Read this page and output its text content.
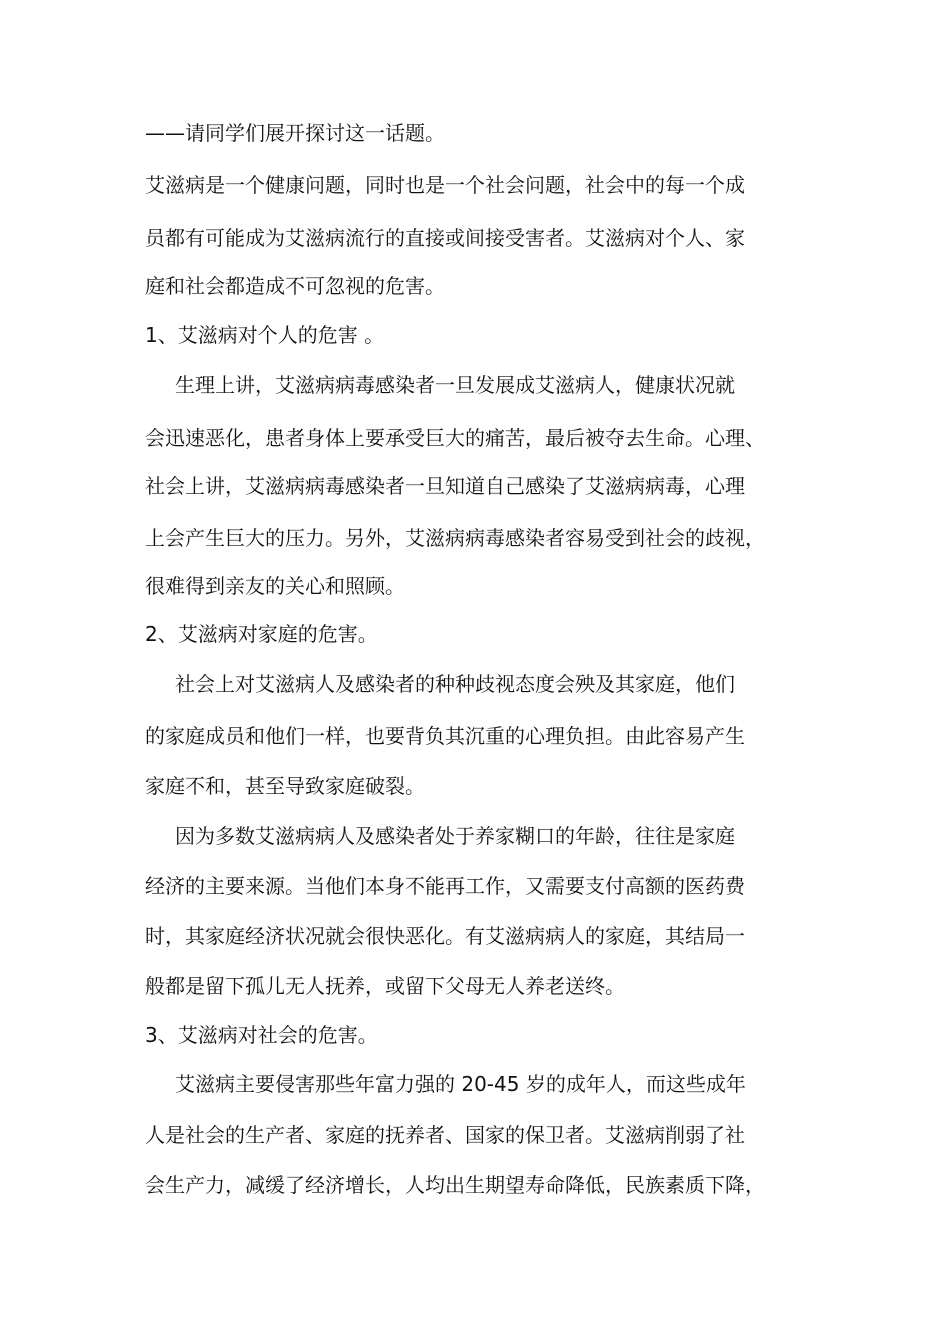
——请同学们展开探讨这一话题。
艾滋病是一个健康问题，同时也是一个社会问题，社会中的每一个成
员都有可能成为艾滋病流行的直接或间接受害者。艾滋病对个人、家
庭和社会都造成不可忽视的危害。
1、艾滋病对个人的危害 。
生理上讲，艾滋病病毒感染者一旦发展成艾滋病人，健康状况就
会迅速恶化，患者身体上要承受巨大的痛苦，最后被夺去生命。心理、
社会上讲，艾滋病病毒感染者一旦知道自己感染了艾滋病病毒，心理
上会产生巨大的压力。另外，艾滋病病毒感染者容易受到社会的歧视，
很难得到亲友的关心和照顾。
2、艾滋病对家庭的危害。
社会上对艾滋病人及感染者的种种歧视态度会殃及其家庭，他们
的家庭成员和他们一样，也要背负其沉重的心理负担。由此容易产生
家庭不和，甚至导致家庭破裂。
因为多数艾滋病病人及感染者处于养家糊口的年龄，往往是家庭
经济的主要来源。当他们本身不能再工作，又需要支付高额的医药费
时，其家庭经济状况就会很快恶化。有艾滋病病人的家庭，其结局一
般都是留下孤儿无人抚养，或留下父母无人养老送终。
3、艾滋病对社会的危害。
艾滋病主要侵害那些年富力强的 20-45 岁的成年人，而这些成年
人是社会的生产者、家庭的抚养者、国家的保卫者。艾滋病削弱了社
会生产力，减缓了经济增长，人均出生期望寿命降低，民族素质下降，
